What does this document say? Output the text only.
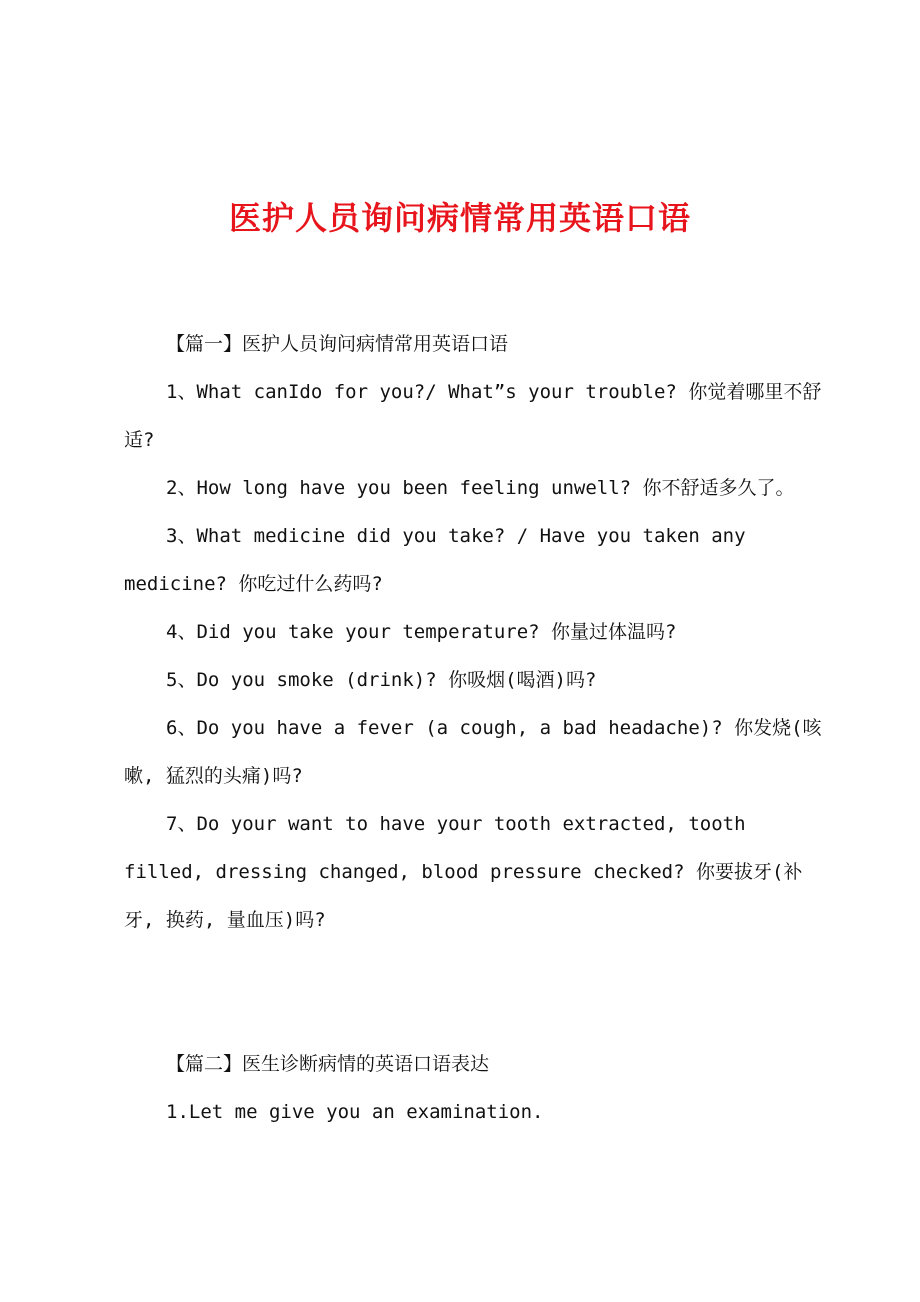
医护人员询问病情常用英语口语

【篇一】医护人员询问病情常用英语口语

1、What canIdo for you?/ What”s your trouble? 你觉着哪里不舒适?

2、How long have you been feeling unwell? 你不舒适多久了。

3、What medicine did you take? / Have you taken any medicine? 你吃过什么药吗?

4、Did you take your temperature? 你量过体温吗?

5、Do you smoke (drink)? 你吸烟(喝酒)吗?

6、Do you have a fever (a cough, a bad headache)? 你发烧(咳嗽, 猛烈的头痛)吗?

7、Do your want to have your tooth extracted, tooth filled, dressing changed, blood pressure checked? 你要拔牙(补牙, 换药, 量血压)吗?

【篇二】医生诊断病情的英语口语表达

1.Let me give you an examination.
